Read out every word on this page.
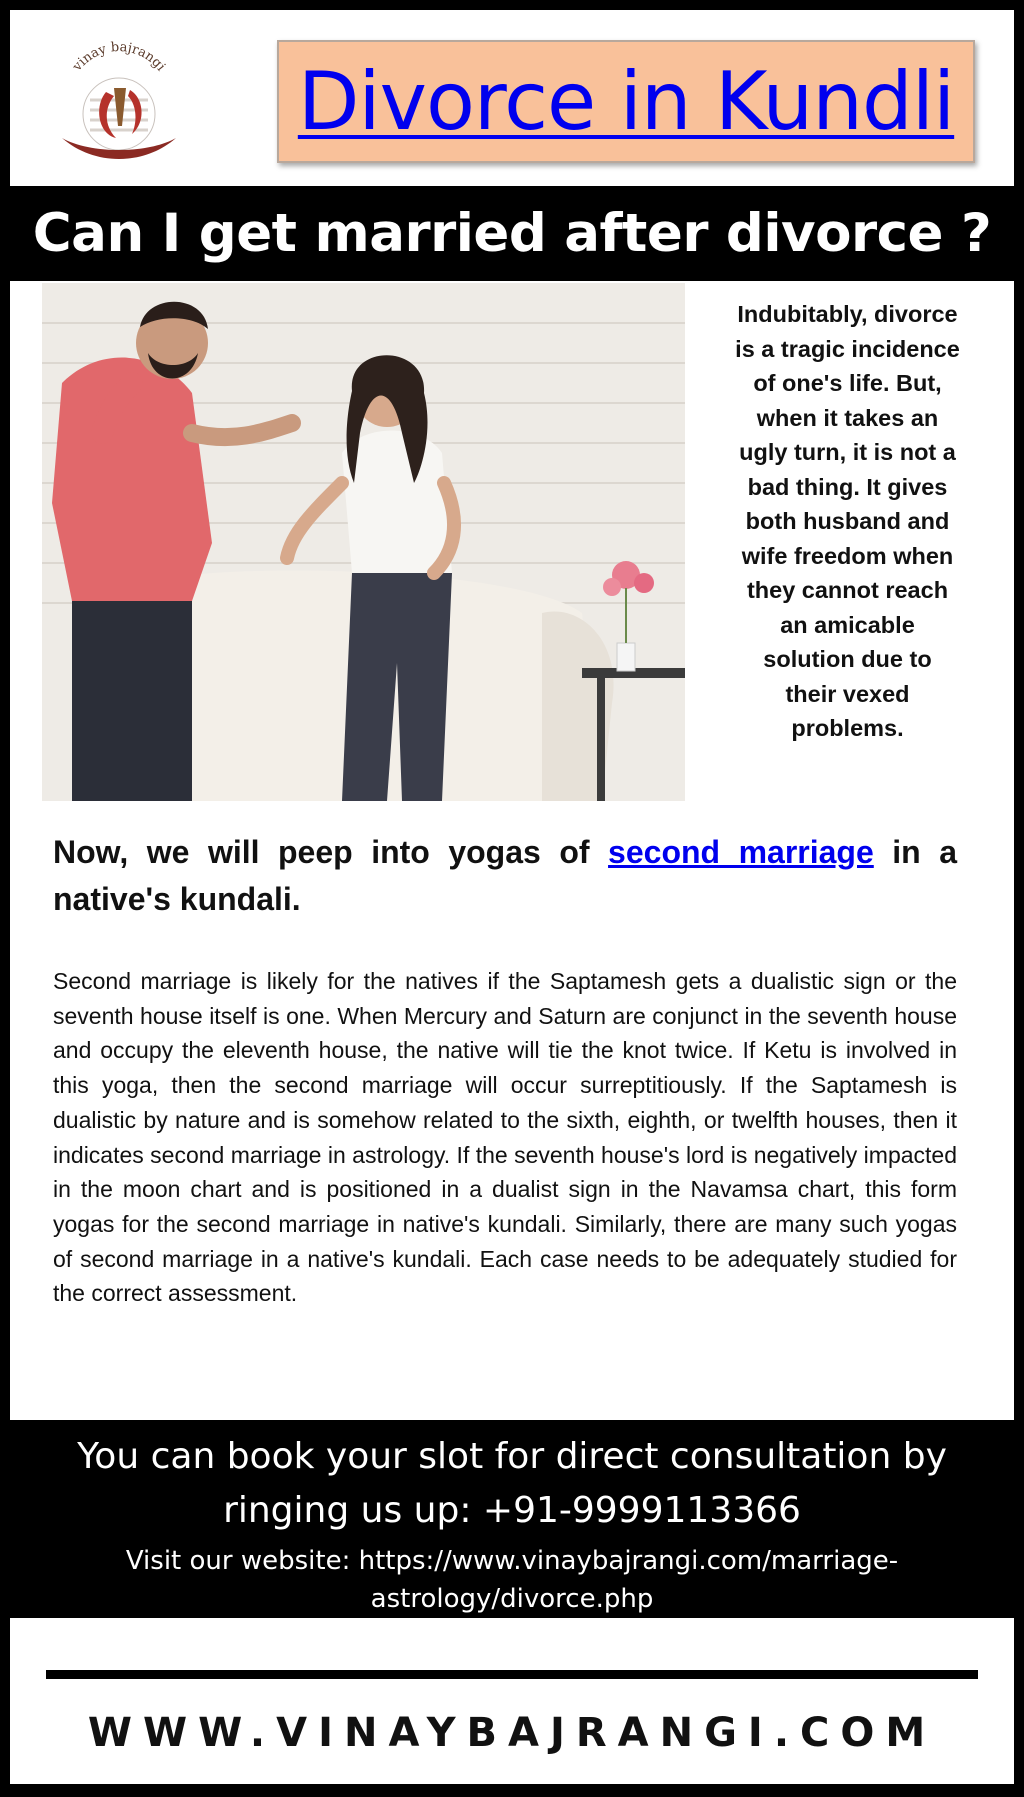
vinay bajrangi Divorce in Kundli
Can I get married after divorce ?
Indubitably, divorce is a tragic incidence of one's life. But, when it takes an ugly turn, it is not a bad thing. It gives both husband and wife freedom when they cannot reach an amicable solution due to their vexed problems.
Now, we will peep into yogas of second marriage in a native's kundali.
Second marriage is likely for the natives if the Saptamesh gets a dualistic sign or the seventh house itself is one. When Mercury and Saturn are conjunct in the seventh house and occupy the eleventh house, the native will tie the knot twice. If Ketu is involved in this yoga, then the second marriage will occur surreptitiously. If the Saptamesh is dualistic by nature and is somehow related to the sixth, eighth, or twelfth houses, then it indicates second marriage in astrology. If the seventh house's lord is negatively impacted in the moon chart and is positioned in a dualist sign in the Navamsa chart, this form yogas for the second marriage in native's kundali. Similarly, there are many such yogas of second marriage in a native's kundali. Each case needs to be adequately studied for the correct assessment.
You can book your slot for direct consultation by ringing us up: +91-9999113366
Visit our website: https://www.vinaybajrangi.com/marriage-astrology/divorce.php
WWW.VINAYBAJRANGI.COM
